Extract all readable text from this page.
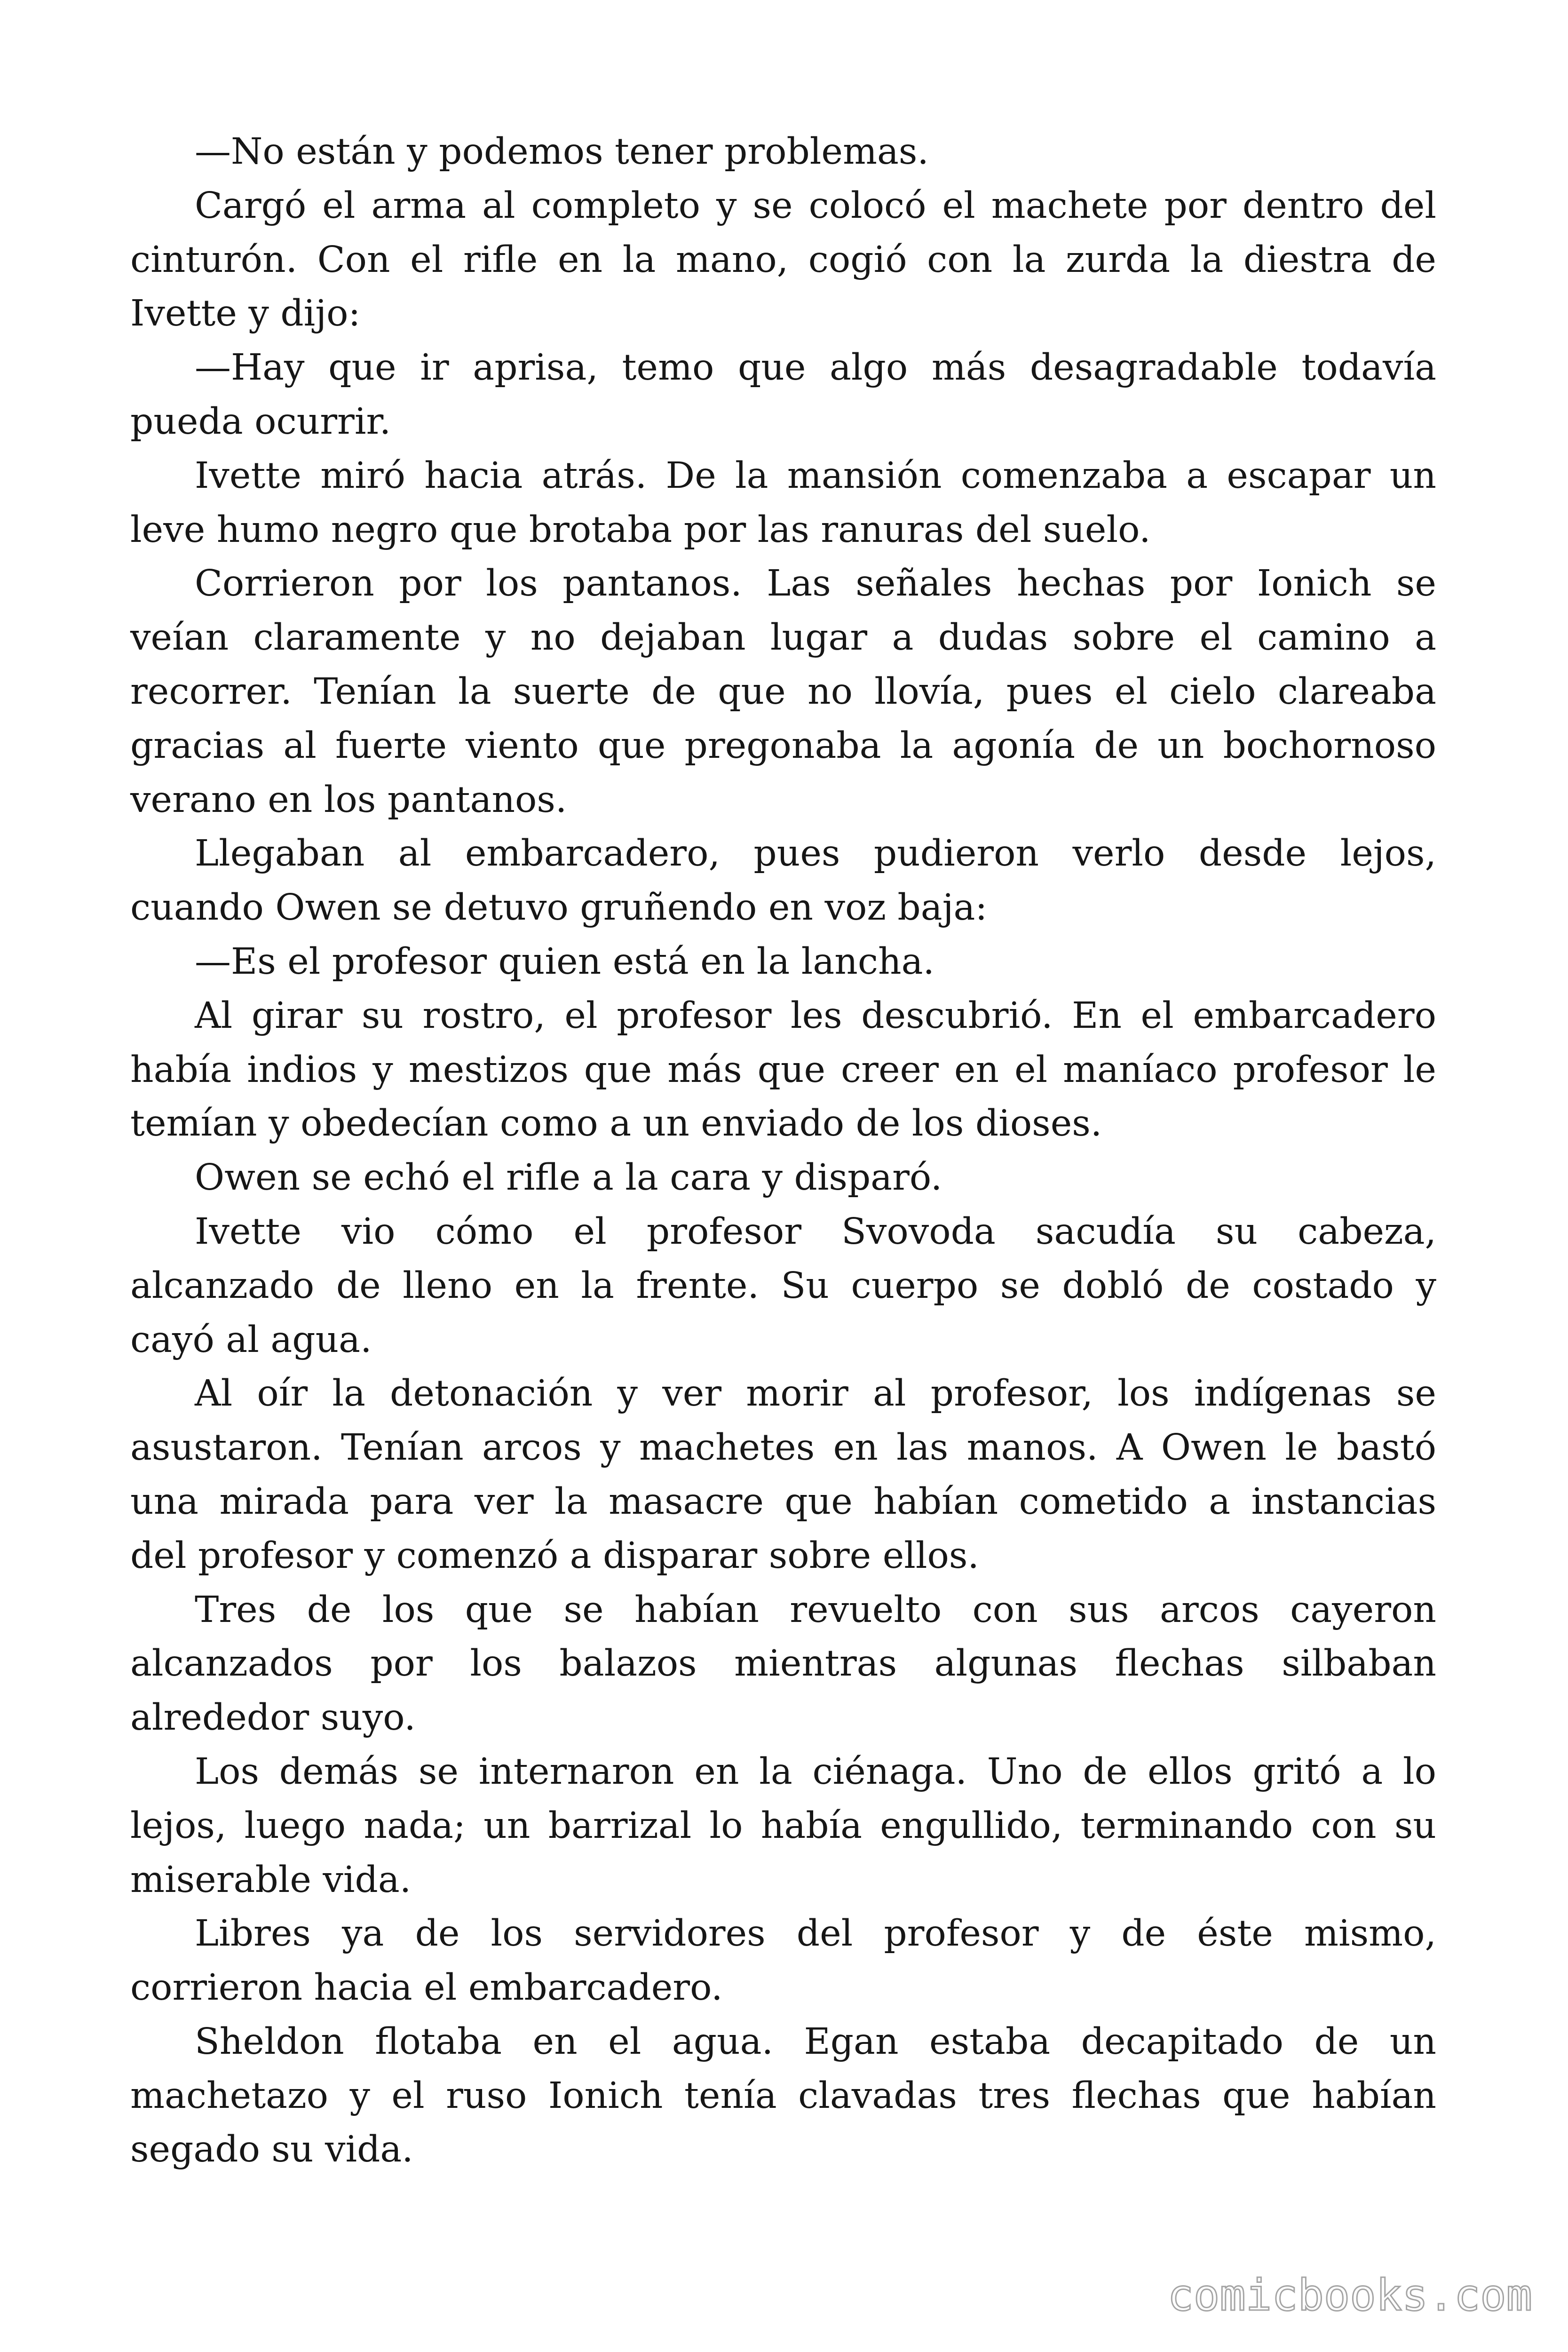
—No están y podemos tener problemas.
Cargó el arma al completo y se colocó el machete por dentro del
cinturón. Con el rifle en la mano, cogió con la zurda la diestra de
Ivette y dijo:
—Hay que ir aprisa, temo que algo más desagradable todavía
pueda ocurrir.
Ivette miró hacia atrás. De la mansión comenzaba a escapar un
leve humo negro que brotaba por las ranuras del suelo.
Corrieron por los pantanos. Las señales hechas por Ionich se
veían claramente y no dejaban lugar a dudas sobre el camino a
recorrer. Tenían la suerte de que no llovía, pues el cielo clareaba
gracias al fuerte viento que pregonaba la agonía de un bochornoso
verano en los pantanos.
Llegaban al embarcadero, pues pudieron verlo desde lejos,
cuando Owen se detuvo gruñendo en voz baja:
—Es el profesor quien está en la lancha.
Al girar su rostro, el profesor les descubrió. En el embarcadero
había indios y mestizos que más que creer en el maníaco profesor le
temían y obedecían como a un enviado de los dioses.
Owen se echó el rifle a la cara y disparó.
Ivette vio cómo el profesor Svovoda sacudía su cabeza,
alcanzado de lleno en la frente. Su cuerpo se dobló de costado y
cayó al agua.
Al oír la detonación y ver morir al profesor, los indígenas se
asustaron. Tenían arcos y machetes en las manos. A Owen le bastó
una mirada para ver la masacre que habían cometido a instancias
del profesor y comenzó a disparar sobre ellos.
Tres de los que se habían revuelto con sus arcos cayeron
alcanzados por los balazos mientras algunas flechas silbaban
alrededor suyo.
Los demás se internaron en la ciénaga. Uno de ellos gritó a lo
lejos, luego nada; un barrizal lo había engullido, terminando con su
miserable vida.
Libres ya de los servidores del profesor y de éste mismo,
corrieron hacia el embarcadero.
Sheldon flotaba en el agua. Egan estaba decapitado de un
machetazo y el ruso Ionich tenía clavadas tres flechas que habían
segado su vida.
comicbooks.com
